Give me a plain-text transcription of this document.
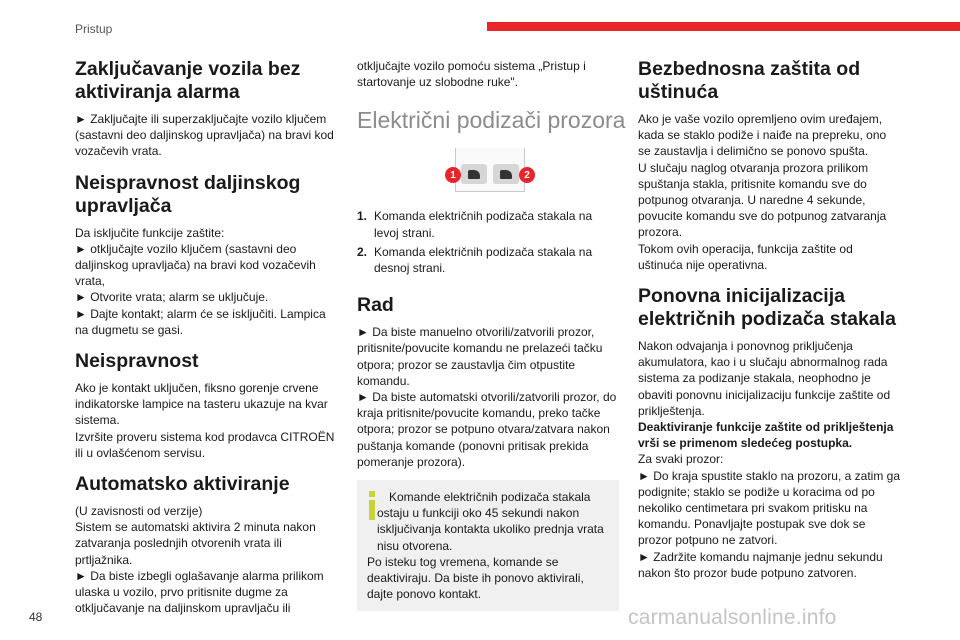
Pristup
Zaključavanje vozila bez aktiviranja alarma

► Zaključajte ili superzaključajte vozilo ključem (sastavni deo daljinskog upravljača) na bravi kod vozačevih vrata.

Neispravnost daljinskog upravljača

Da isključite funkcije zaštite:

► otključajte vozilo ključem (sastavni deo daljinskog upravljača) na bravi kod vozačevih vrata,

► Otvorite vrata; alarm se uključuje.

► Dajte kontakt; alarm će se isključiti. Lampica na dugmetu se gasi.

Neispravnost

Ako je kontakt uključen, fiksno gorenje crvene indikatorske lampice na tasteru ukazuje na kvar sistema.

Izvršite proveru sistema kod prodavca CITROËN ili u ovlašćenom servisu.

Automatsko aktiviranje

(U zavisnosti od verzije)

Sistem se automatski aktivira 2 minuta nakon zatvaranja poslednjih otvorenih vrata ili prtljažnika.

► Da biste izbegli oglašavanje alarma prilikom ulaska u vozilo, prvo pritisnite dugme za otključavanje na daljinskom upravljaču ili

otključajte vozilo pomoću sistema „Pristup i startovanje uz slobodne ruke".

Električni podizači prozora
1	2
1. Komanda električnih podizača stakala na levoj strani.
2. Komanda električnih podizača stakala na desnoj strani.
Rad

► Da biste manuelno otvorili/zatvorili prozor, pritisnite/povucite komandu ne prelazeći tačku otpora; prozor se zaustavlja čim otpustite komandu.

► Da biste automatski otvorili/zatvorili prozor, do kraja pritisnite/povucite komandu, preko tačke otpora; prozor se potpuno otvara/zatvara nakon puštanja komande (ponovni pritisak prekida pomeranje prozora).

Komande električnih podizača stakala

ostaju u funkciji oko 45 sekundi nakon isključivanja kontakta ukoliko prednja vrata nisu otvorena.

Po isteku tog vremena, komande se deaktiviraju. Da biste ih ponovo aktivirali, dajte ponovo kontakt.

Bezbednosna zaštita od uštinuća

Ako je vaše vozilo opremljeno ovim uređajem, kada se staklo podiže i naiđe na prepreku, ono se zaustavlja i delimično se ponovo spušta.

U slučaju naglog otvaranja prozora prilikom spuštanja stakla, pritisnite komandu sve do potpunog otvaranja. U naredne 4 sekunde, povucite komandu sve do potpunog zatvaranja prozora.

Tokom ovih operacija, funkcija zaštite od uštinuća nije operativna.

Ponovna inicijalizacija električnih podizača stakala

Nakon odvajanja i ponovnog priključenja akumulatora, kao i u slučaju abnormalnog rada sistema za podizanje stakala, neophodno je obaviti ponovnu inicijalizaciju funkcije zaštite od priklještenja.

Deaktiviranje funkcije zaštite od priklještenja vrši se primenom sledećeg postupka.

Za svaki prozor:

► Do kraja spustite staklo na prozoru, a zatim ga podignite; staklo se podiže u koracima od po nekoliko centimetara pri svakom pritisku na komandu. Ponavljajte postupak sve dok se prozor potpuno ne zatvori.

► Zadržite komandu najmanje jednu sekundu nakon što prozor bude potpuno zatvoren.

48	carmanualsonline.info
